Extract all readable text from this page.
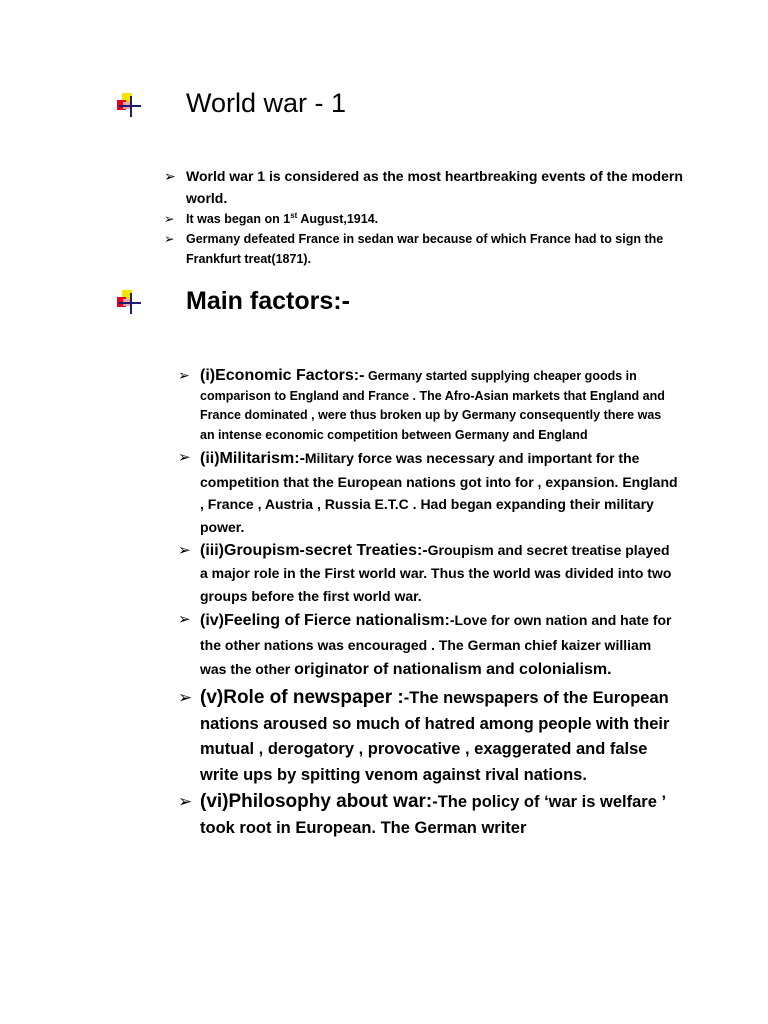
World war - 1
➢ World war 1 is considered as the most heartbreaking events of the modern world.
➢ It was began on 1st August,1914.
➢ Germany defeated France in sedan war because of which France had to sign the Frankfurt treat(1871).
Main factors:-
➢ (i)Economic Factors:- Germany started supplying cheaper goods in comparison to England and France . The Afro-Asian markets that England and France dominated , were thus broken up by Germany consequently there was an intense economic competition between Germany and England
➢ (ii)Militarism:-Military force was necessary and important for the competition that the European nations got into for , expansion. England , France , Austria , Russia E.T.C . Had began expanding their military power.
➢ (iii)Groupism-secret Treaties:-Groupism and secret treatise played a major role in the First world war. Thus the world was divided into two groups before the first world war.
➢ (iv)Feeling of Fierce nationalism:-Love for own nation and hate for the other nations was encouraged . The German chief kaizer william was the other originator of nationalism and colonialism.
➢ (v)Role of newspaper :-The newspapers of the European nations aroused so much of hatred among people with their mutual , derogatory , provocative , exaggerated and false write ups by spitting venom against rival nations.
➢ (vi)Philosophy about war:-The policy of ‘war is welfare ’ took root in European. The German writer
